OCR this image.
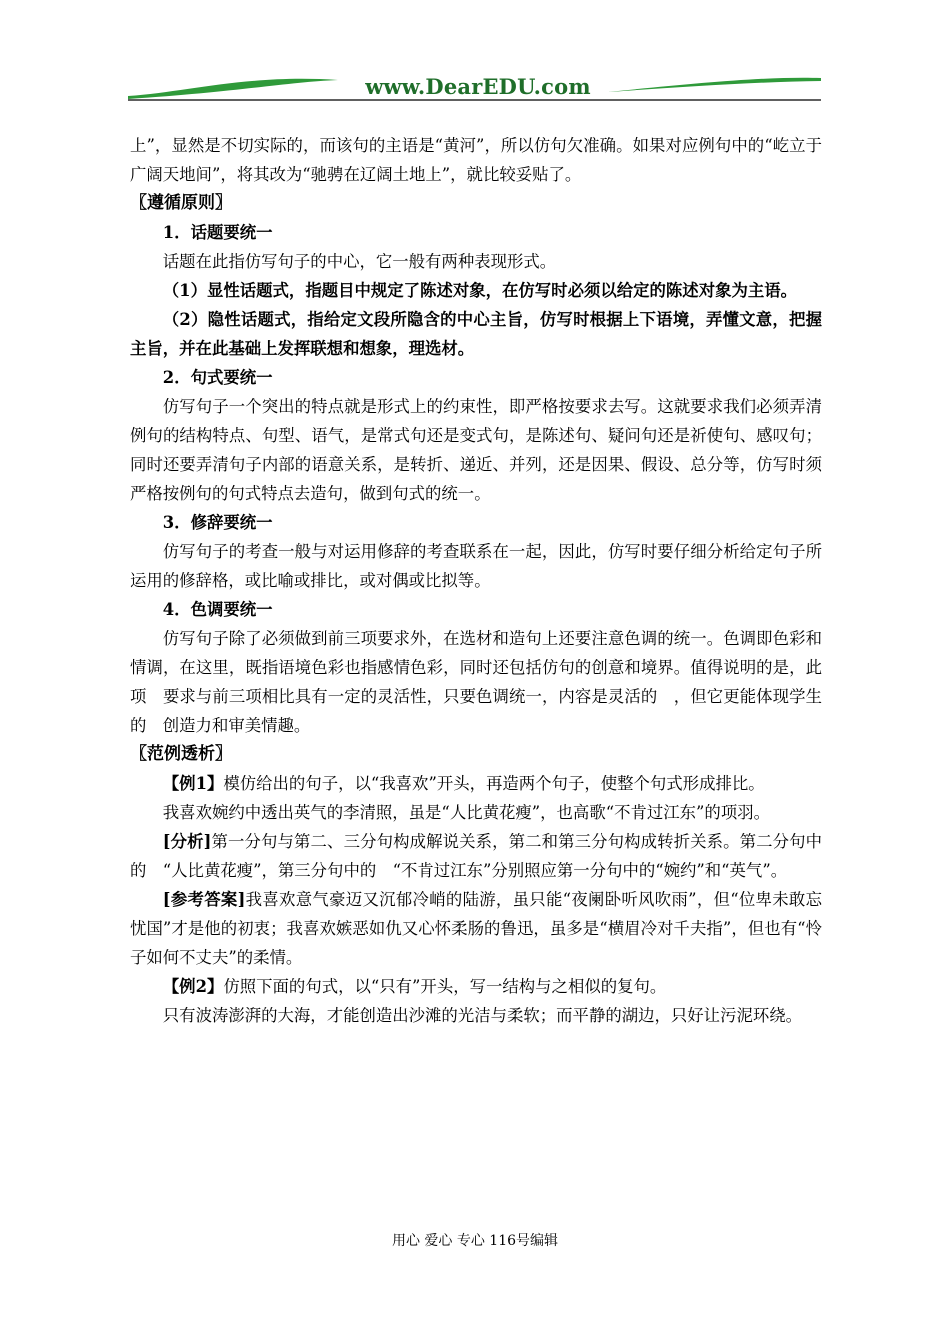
www.DearEDU.com

上”，显然是不切实际的，而该句的主语是“黄河”，所以仿句欠准确。如果对应例句中的“屹立于广阔天地间”，将其改为“驰骋在辽阔土地上”，就比较妥贴了。

〖遵循原则〗

1．话题要统一

话题在此指仿写句子的中心，它一般有两种表现形式。

（1）显性话题式，指题目中规定了陈述对象，在仿写时必须以给定的陈述对象为主语。

（2）隐性话题式，指给定文段所隐含的中心主旨，仿写时根据上下语境，弄懂文意，把握主旨，并在此基础上发挥联想和想象，理选材。

2．句式要统一

仿写句子一个突出的特点就是形式上的约束性，即严格按要求去写。这就要求我们必须弄清例句的结构特点、句型、语气，是常式句还是变式句，是陈述句、疑问句还是祈使句、感叹句；同时还要弄清句子内部的语意关系，是转折、递近、并列，还是因果、假设、总分等，仿写时须严格按例句的句式特点去造句，做到句式的统一。

3．修辞要统一

仿写句子的考查一般与对运用修辞的考查联系在一起，因此，仿写时要仔细分析给定句子所运用的修辞格，或比喻或排比，或对偶或比拟等。

4．色调要统一

仿写句子除了必须做到前三项要求外，在选材和造句上还要注意色调的统一。色调即色彩和情调，在这里，既指语境色彩也指感情色彩，同时还包括仿句的创意和境界。值得说明的是，此项　要求与前三项相比具有一定的灵活性，只要色调统一，内容是灵活的　，但它更能体现学生的　创造力和审美情趣。

〖范例透析〗

【例1】模仿给出的句子，以“我喜欢”开头，再造两个句子，使整个句式形成排比。

我喜欢婉约中透出英气的李清照，虽是“人比黄花瘦”，也高歌“不肯过江东”的项羽。

[分析]第一分句与第二、三分句构成解说关系，第二和第三分句构成转折关系。第二分句中的　“人比黄花瘦”，第三分句中的　“不肯过江东”分别照应第一分句中的“婉约”和“英气”。

[参考答案]我喜欢意气豪迈又沉郁冷峭的陆游，虽只能“夜阑卧听风吹雨”，但“位卑未敢忘忧国”才是他的初衷；我喜欢嫉恶如仇又心怀柔肠的鲁迅，虽多是“横眉冷对千夫指”，但也有“怜子如何不丈夫”的柔情。

【例2】仿照下面的句式，以“只有”开头，写一结构与之相似的复句。

只有波涛澎湃的大海，才能创造出沙滩的光洁与柔软；而平静的湖边，只好让污泥环绕。

用心 爱心 专心 116号编辑
